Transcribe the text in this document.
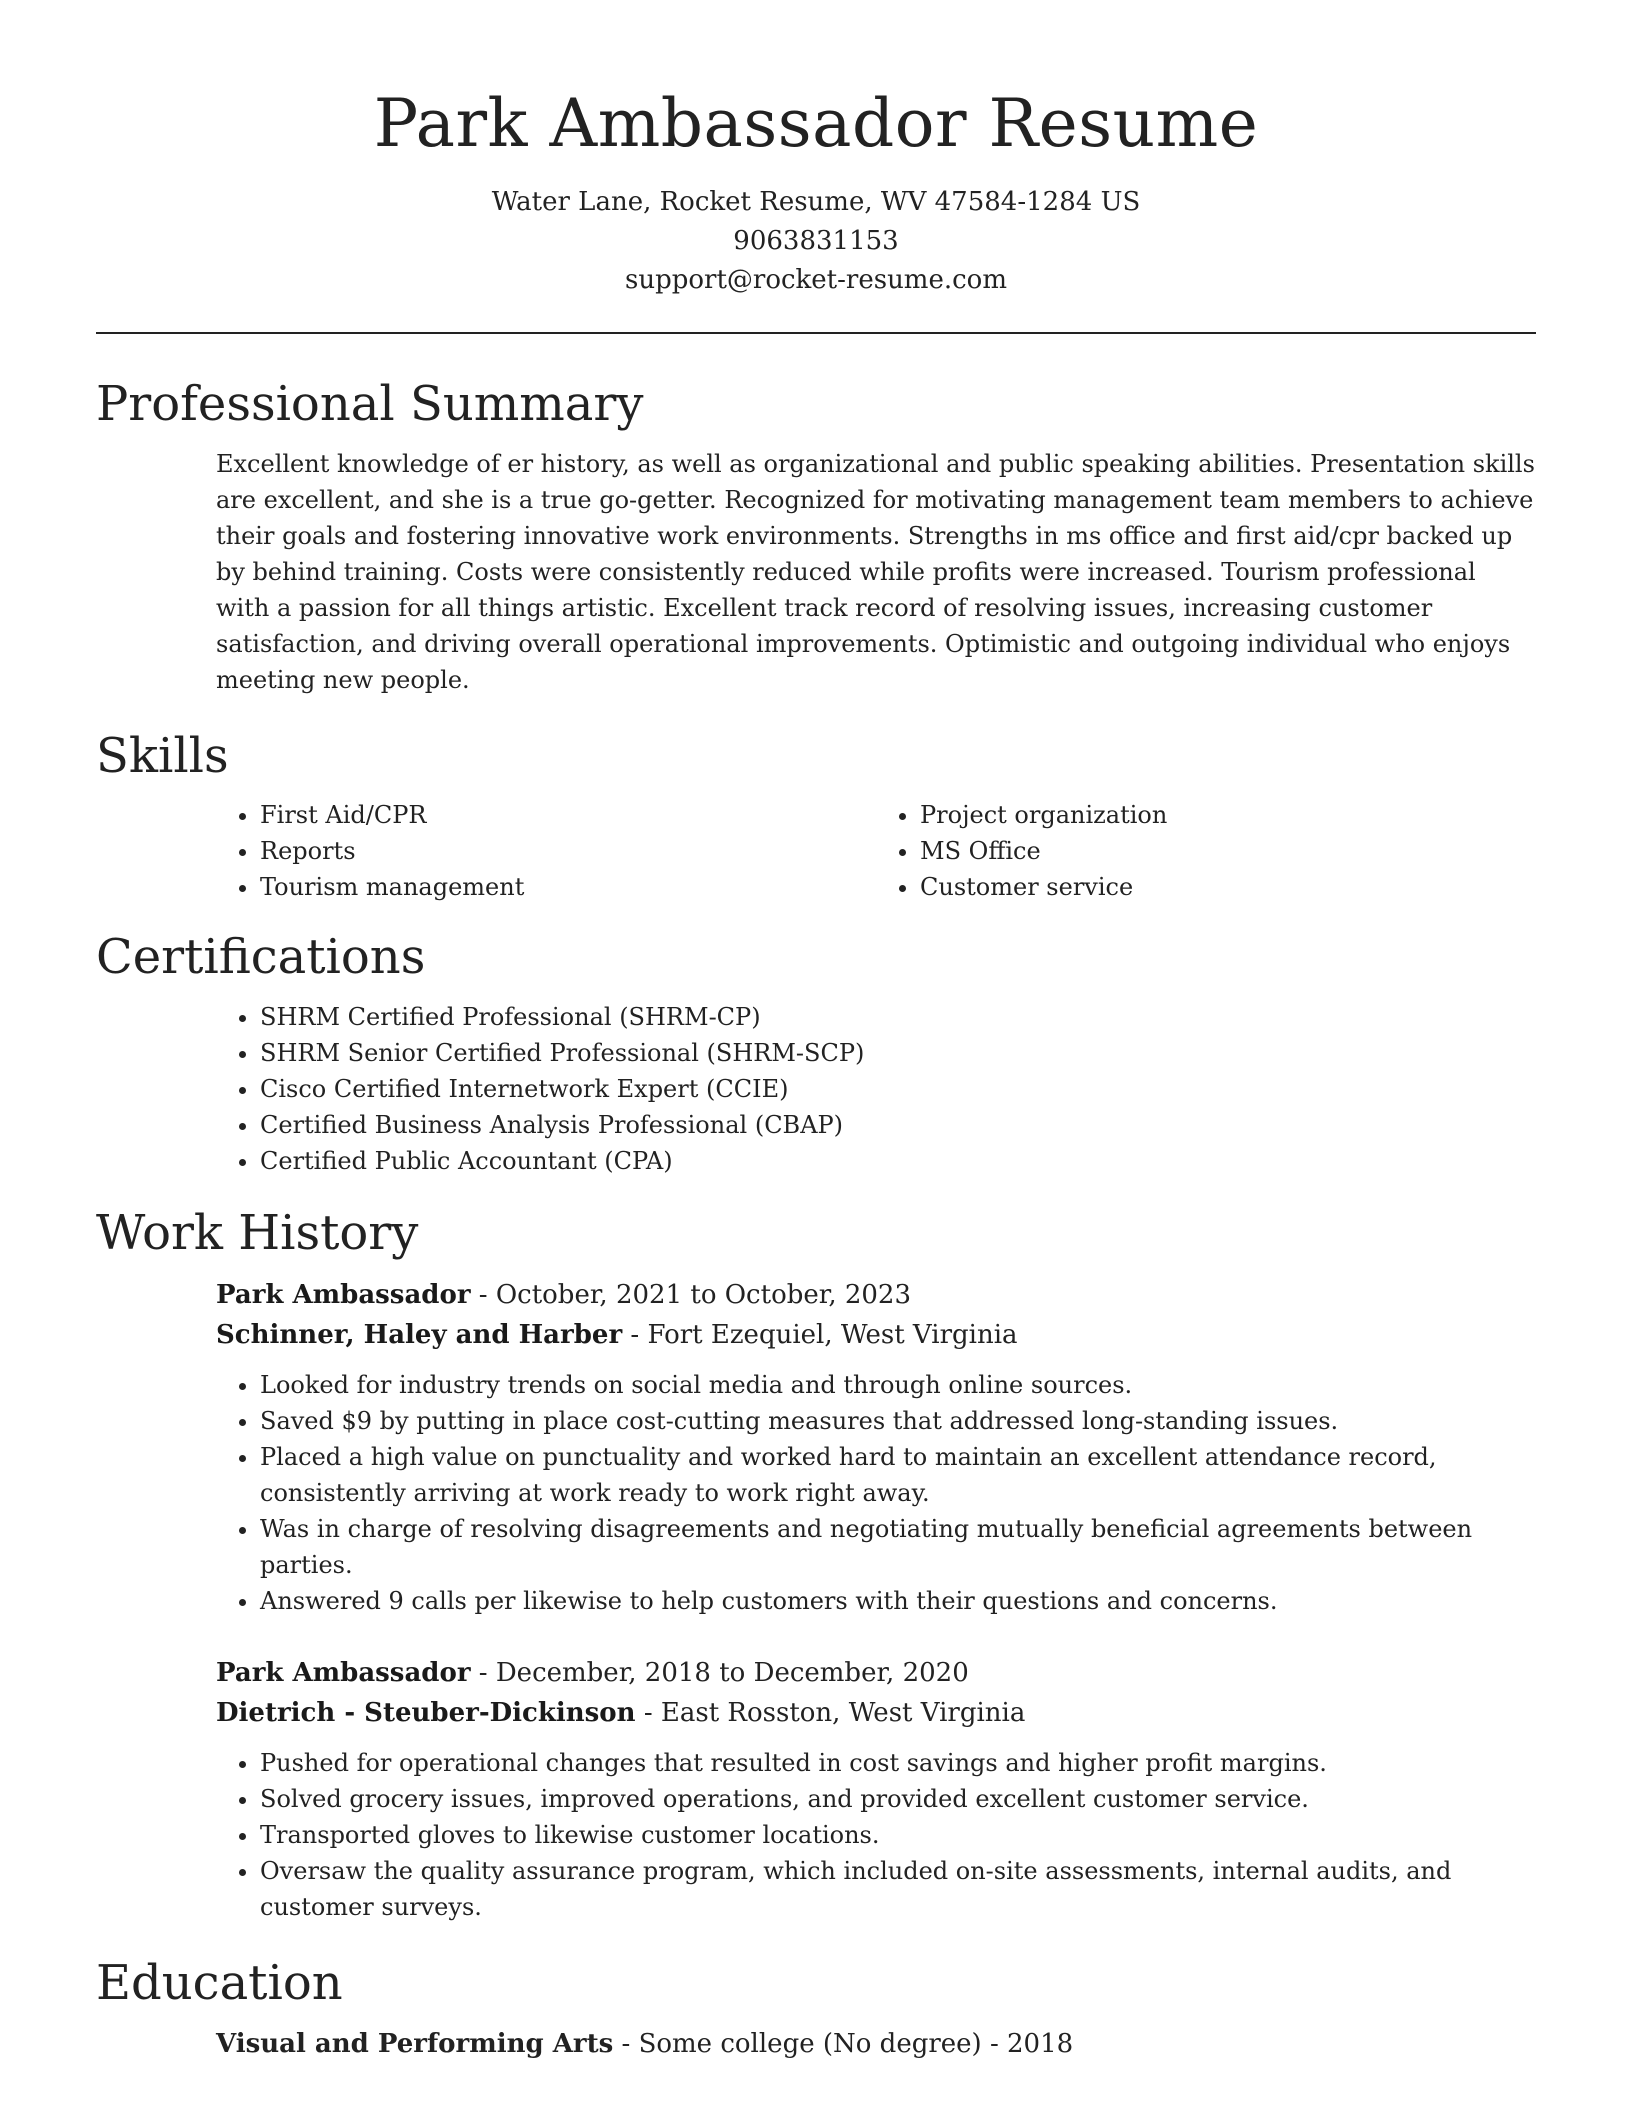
Park Ambassador Resume
Water Lane, Rocket Resume, WV 47584-1284 US
9063831153
support@rocket-resume.com
Professional Summary

Excellent knowledge of er history, as well as organizational and public speaking abilities. Presentation skills are excellent, and she is a true go-getter. Recognized for motivating management team members to achieve their goals and fostering innovative work environments. Strengths in ms office and first aid/cpr backed up by behind training. Costs were consistently reduced while profits were increased. Tourism professional with a passion for all things artistic. Excellent track record of resolving issues, increasing customer satisfaction, and driving overall operational improvements. Optimistic and outgoing individual who enjoys meeting new people.

Skills
• First Aid/CPR
• Reports
• Tourism management
• Project organization
• MS Office
• Customer service
Certifications
• SHRM Certified Professional (SHRM-CP)
• SHRM Senior Certified Professional (SHRM-SCP)
• Cisco Certified Internetwork Expert (CCIE)
• Certified Business Analysis Professional (CBAP)
• Certified Public Accountant (CPA)
Work History
Park Ambassador - October, 2021 to October, 2023
Schinner, Haley and Harber - Fort Ezequiel, West Virginia
• Looked for industry trends on social media and through online sources.
• Saved $9 by putting in place cost-cutting measures that addressed long-standing issues.
• Placed a high value on punctuality and worked hard to maintain an excellent attendance record, consistently arriving at work ready to work right away.
• Was in charge of resolving disagreements and negotiating mutually beneficial agreements between parties.
• Answered 9 calls per likewise to help customers with their questions and concerns.
Park Ambassador - December, 2018 to December, 2020
Dietrich - Steuber-Dickinson - East Rosston, West Virginia
• Pushed for operational changes that resulted in cost savings and higher profit margins.
• Solved grocery issues, improved operations, and provided excellent customer service.
• Transported gloves to likewise customer locations.
• Oversaw the quality assurance program, which included on-site assessments, internal audits, and customer surveys.
Education
Visual and Performing Arts - Some college (No degree) - 2018
